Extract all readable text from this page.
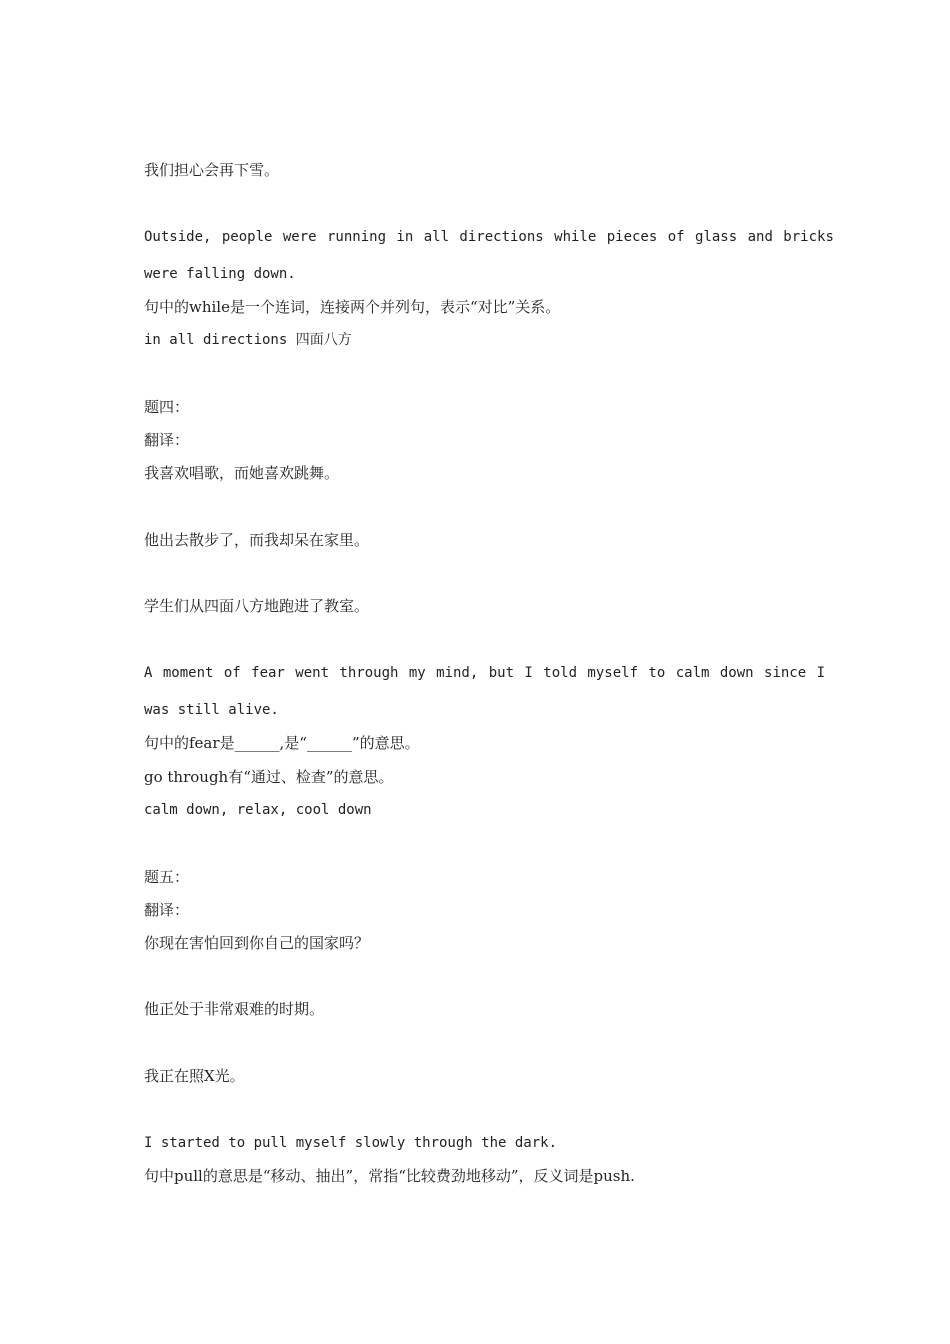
我们担心会再下雪。
Outside, people were running in all directions while pieces of glass and bricks
were falling down.
句中的while是一个连词，连接两个并列句，表示“对比”关系。
in all directions 四面八方
题四：
翻译：
我喜欢唱歌，而她喜欢跳舞。
他出去散步了，而我却呆在家里。
学生们从四面八方地跑进了教室。
A moment of fear went through my mind, but I told myself to calm down since I
was still alive.
句中的fear是______,是“______”的意思。
go through有“通过、检查”的意思。
calm down, relax, cool down
题五：
翻译：
你现在害怕回到你自己的国家吗？
他正处于非常艰难的时期。
我正在照X光。
I started to pull myself slowly through the dark.
句中pull的意思是“移动、抽出”，常指“比较费劲地移动”，反义词是push.
